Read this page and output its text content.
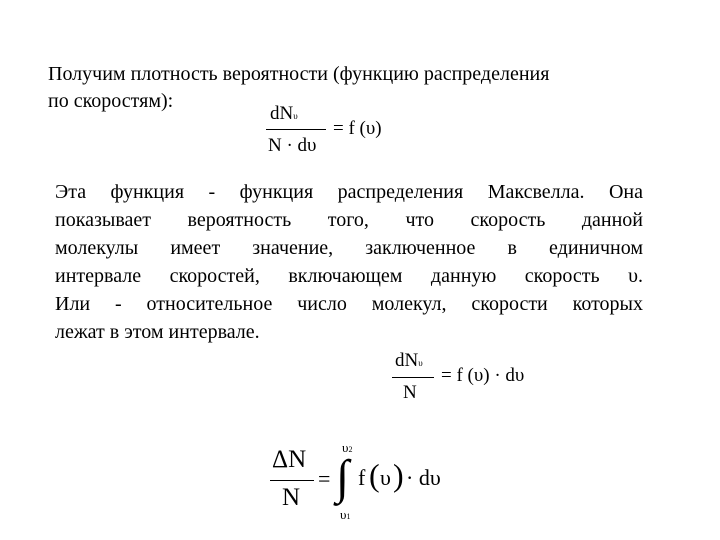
Получим плотность вероятности (функцию распределения
по скоростям):
dNυ
N · dυ
= f (υ)
Эта функция - функция распределения Максвелла. Она
показывает вероятность того, что скорость данной
молекулы имеет значение, заключенное в единичном
интервале скоростей, включающем данную скорость υ.
Или - относительное число молекул, скорости которых
лежат в этом интервале.
dNυ
N
= f (υ) · dυ
ΔN
N
= ∫
υ2
υ1
f ( υ ) · dυ
